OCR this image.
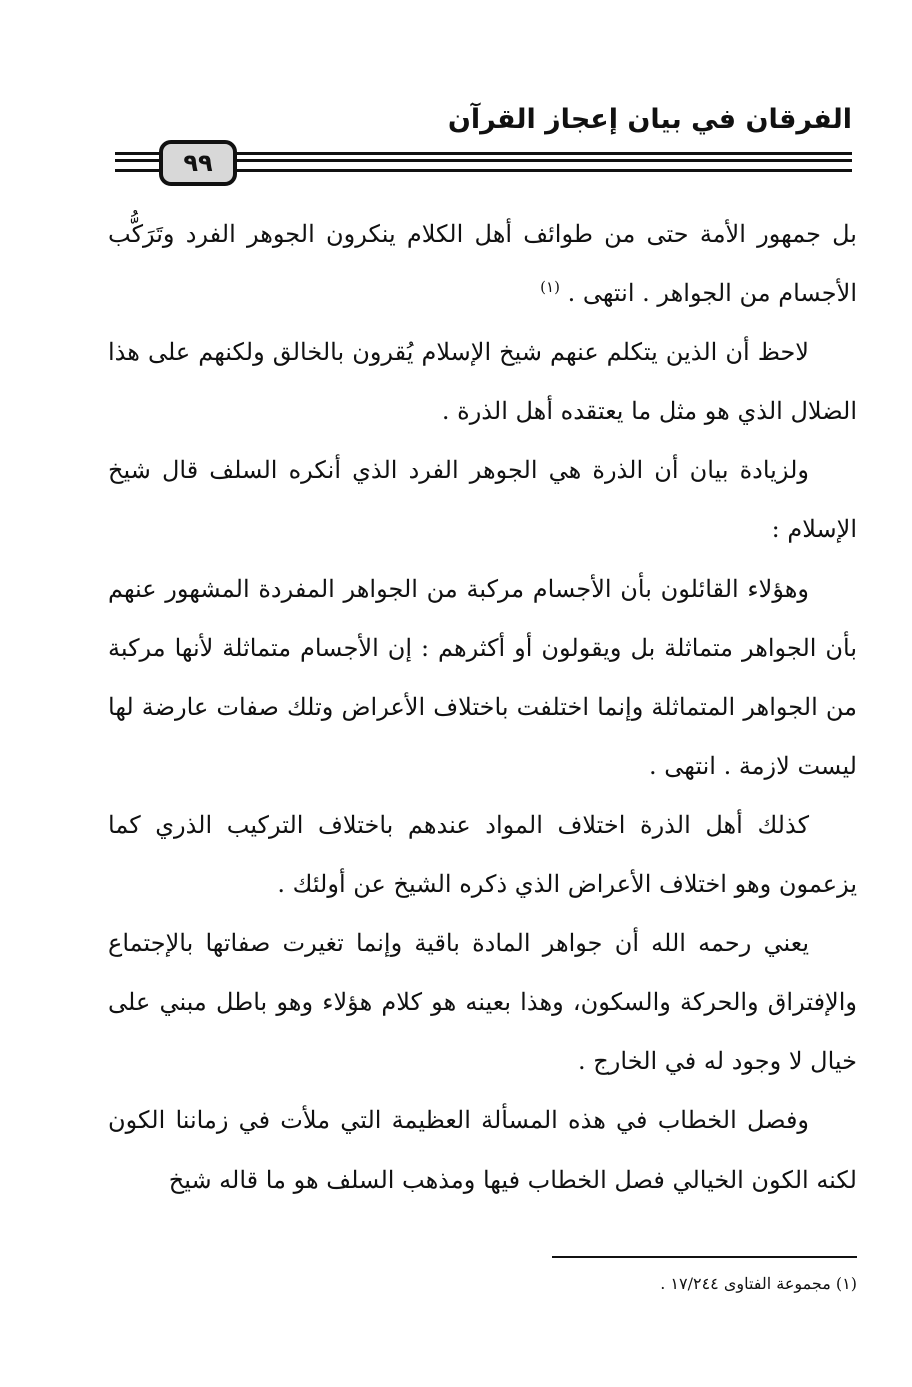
الفرقان في بيان إعجاز القرآن
٩٩

بل جمهور الأمة حتى من طوائف أهل الكلام ينكرون الجوهر الفرد وتَرَكُّب الأجسام من الجواهر . انتهى . $^{(١)}$

لاحظ أن الذين يتكلم عنهم شيخ الإسلام يُقرون بالخالق ولكنهم على هذا الضلال الذي هو مثل ما يعتقده أهل الذرة .

ولزيادة بيان أن الذرة هي الجوهر الفرد الذي أنكره السلف قال شيخ الإسلام :

وهؤلاء القائلون بأن الأجسام مركبة من الجواهر المفردة المشهور عنهم بأن الجواهر متماثلة بل ويقولون أو أكثرهم : إن الأجسام متماثلة لأنها مركبة من الجواهر المتماثلة وإنما اختلفت باختلاف الأعراض وتلك صفات عارضة لها ليست لازمة . انتهى .

كذلك أهل الذرة اختلاف المواد عندهم باختلاف التركيب الذري كما يزعمون وهو اختلاف الأعراض الذي ذكره الشيخ عن أولئك .

يعني رحمه الله أن جواهر المادة باقية وإنما تغيرت صفاتها بالإجتماع والإفتراق والحركة والسكون، وهذا بعينه هو كلام هؤلاء وهو باطل مبني على خيال لا وجود له في الخارج .

وفصل الخطاب في هذه المسألة العظيمة التي ملأت في زماننا الكون لكنه الكون الخيالي فصل الخطاب فيها ومذهب السلف هو ما قاله شيخ

(١) مجموعة الفتاوى ١٧/٢٤٤ .
